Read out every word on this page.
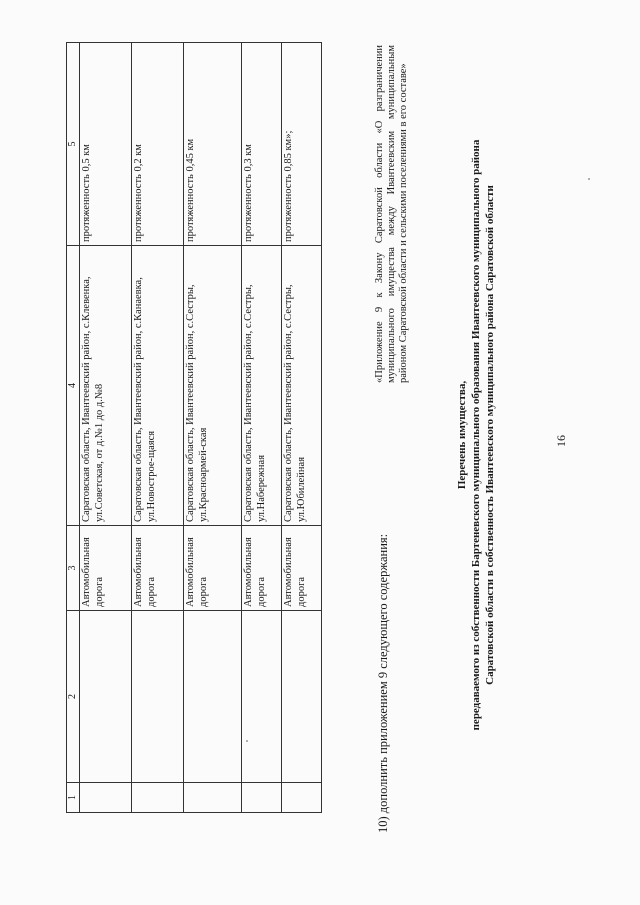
16
1	2	3	4	5
		Автомобильная дорога	Саратовская область, Ивантеевский район, с.Клевенка, ул.Советская, от д.№1 до д.№8	протяженность 0,5 км
		Автомобильная дорога	Саратовская область, Ивантеевский район, с.Канаевка, ул.Новострое-щаяся	протяженность 0,2 км
		Автомобильная дорога	Саратовская область, Ивантеевский район, с.Сестры, ул.Красноармей-ская	протяженность 0,45 км
		Автомобильная дорога	Саратовская область, Ивантеевский район, с.Сестры, ул.Набережная	протяженность 0,3 км
		Автомобильная дорога	Саратовская область, Ивантеевский район, с.Сестры, ул.Юбилейная	протяженность 0,85 км»;
10) дополнить приложением 9 следующего содержания:
«Приложение 9 к Закону Саратовской области «О разграничении муниципального имущества между Ивантеевским муниципальным районом Саратовской области и сельскими поселениями в его составе»
Перечень имущества, передаваемого из собственности Бартеневского муниципального образования Ивантеевского муниципального района Саратовской области в собственность Ивантеевского муниципального района Саратовской области
